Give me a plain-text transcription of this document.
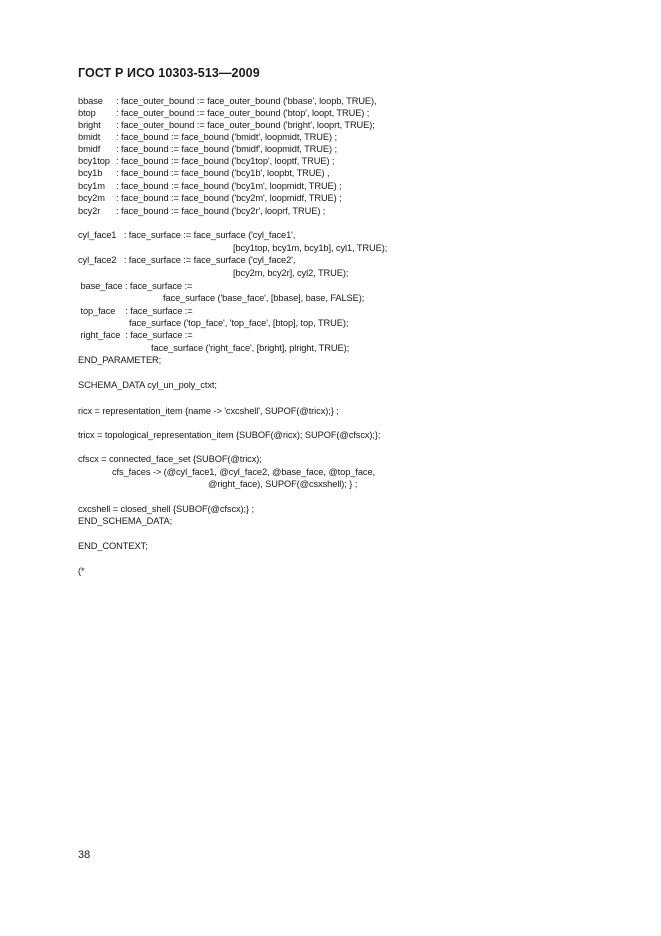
ГОСТ Р ИСО 10303-513—2009
bbase : face_outer_bound := face_outer_bound ('bbase', loopb, TRUE),
btop : face_outer_bound := face_outer_bound ('btop', loopt, TRUE) ;
bright : face_outer_bound := face_outer_bound ('bright', looprt, TRUE);
bmidt : face_bound := face_bound ('bmidt', loopmidt, TRUE) ;
bmidf : face_bound := face_bound ('bmidf', loopmidf, TRUE) ;
bcy1top : face_bound := face_bound ('bcy1top', looptf, TRUE) ;
bcy1b : face_bound := face_bound ('bcy1b', loopbt, TRUE) ,
bcy1m : face_bound := face_bound ('bcy1m', loopmidt, TRUE) ;
bcy2m : face_bound := face_bound ('bcy2m', loopmidf, TRUE) ;
bcy2r : face_bound := face_bound ('bcy2r', looprf, TRUE) ;
cyl_face1   : face_surface := face_surface ('cyl_face1',
[bcy1top, bcy1m, bcy1b], cyl1, TRUE);
cyl_face2   : face_surface := face_surface ('cyl_face2',
[bcy2m, bcy2r], cyl2, TRUE);
base_face : face_surface :=
face_surface ('base_face', [bbase], base, FALSE);
top_face    : face_surface :=
face_surface ('top_face', 'top_face', [btop], top, TRUE);
right_face  : face_surface :=
face_surface ('right_face', [bright], plright, TRUE);
END_PARAMETER;
SCHEMA_DATA cyl_un_poly_ctxt;
ricx = representation_item {name -> 'cxcshell', SUPOF(@tricx);} ;
tricx = topological_representation_item {SUBOF(@ricx); SUPOF(@cfscx);};
cfscx = connected_face_set {SUBOF(@tricx);
cfs_faces -> (@cyl_face1, @cyl_face2, @base_face, @top_face,
@right_face), SUPOF(@csxshell); } ;
cxcshell = closed_shell {SUBOF(@cfscx);} ;
END_SCHEMA_DATA;
END_CONTEXT;
(*
38
